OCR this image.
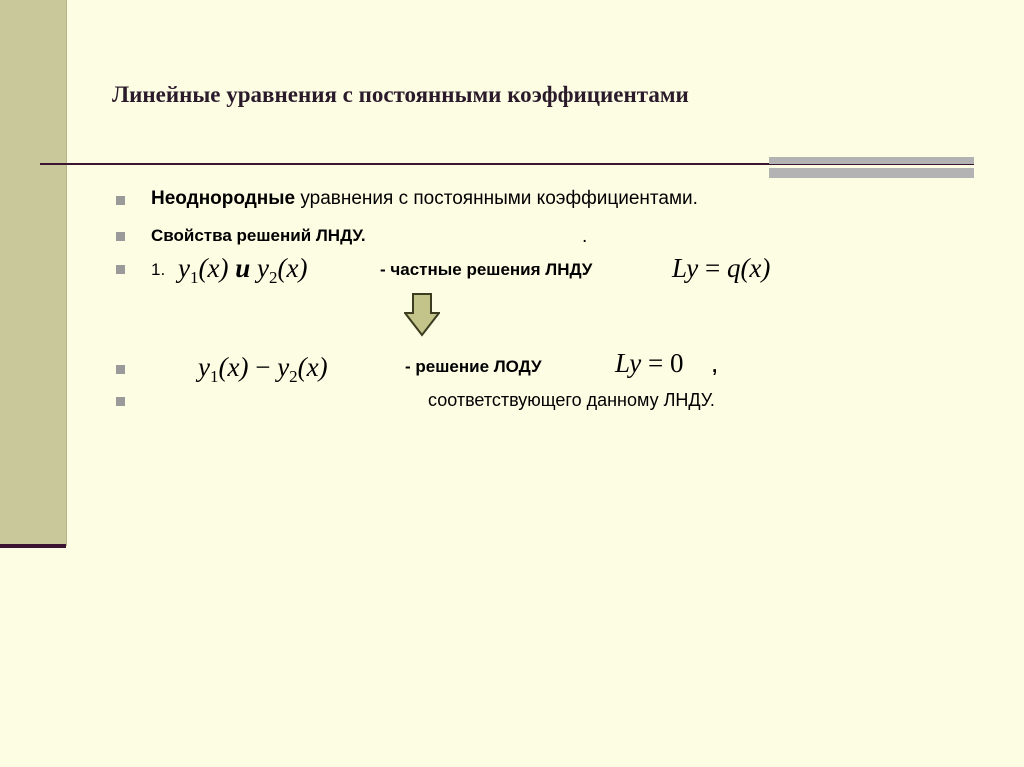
Линейные уравнения с постоянными коэффициентами
Неоднородные уравнения с постоянными коэффициентами.
Свойства решений ЛНДУ.	.
1. $y_1(x)$ и $y_2(x)$	- частные решения ЛНДУ	Ly = q(x)
$y_1(x) - y_2(x)$	- решение ЛОДУ	Ly = 0 ,
соответствующего данному ЛНДУ.
